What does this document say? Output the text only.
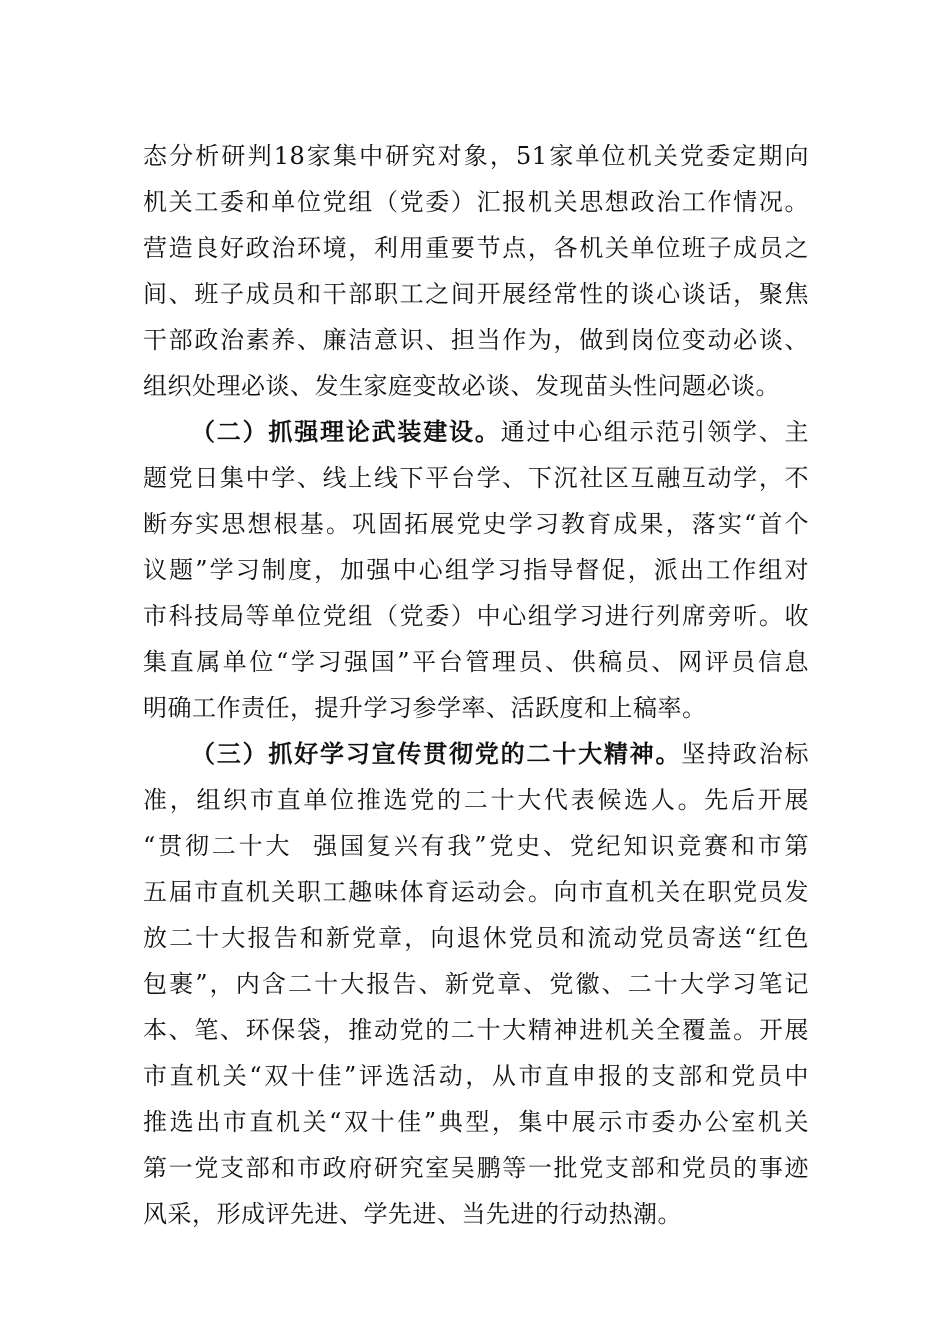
态分析研判18家集中研究对象，51家单位机关党委定期向
机关工委和单位党组（党委）汇报机关思想政治工作情况。
营造良好政治环境，利用重要节点，各机关单位班子成员之
间、班子成员和干部职工之间开展经常性的谈心谈话，聚焦
干部政治素养、廉洁意识、担当作为，做到岗位变动必谈、
组织处理必谈、发生家庭变故必谈、发现苗头性问题必谈。
（二）抓强理论武装建设。通过中心组示范引领学、主
题党日集中学、线上线下平台学、下沉社区互融互动学，不
断夯实思想根基。巩固拓展党史学习教育成果，落实“首个
议题”学习制度，加强中心组学习指导督促，派出工作组对
市科技局等单位党组（党委）中心组学习进行列席旁听。收
集直属单位“学习强国”平台管理员、供稿员、网评员信息
明确工作责任，提升学习参学率、活跃度和上稿率。
（三）抓好学习宣传贯彻党的二十大精神。坚持政治标
准，组织市直单位推选党的二十大代表候选人。先后开展
“贯彻二十大  强国复兴有我”党史、党纪知识竞赛和市第
五届市直机关职工趣味体育运动会。向市直机关在职党员发
放二十大报告和新党章，向退休党员和流动党员寄送“红色
包裹”，内含二十大报告、新党章、党徽、二十大学习笔记
本、笔、环保袋，推动党的二十大精神进机关全覆盖。开展
市直机关“双十佳”评选活动，从市直申报的支部和党员中
推选出市直机关“双十佳”典型，集中展示市委办公室机关
第一党支部和市政府研究室吴鹏等一批党支部和党员的事迹
风采，形成评先进、学先进、当先进的行动热潮。
